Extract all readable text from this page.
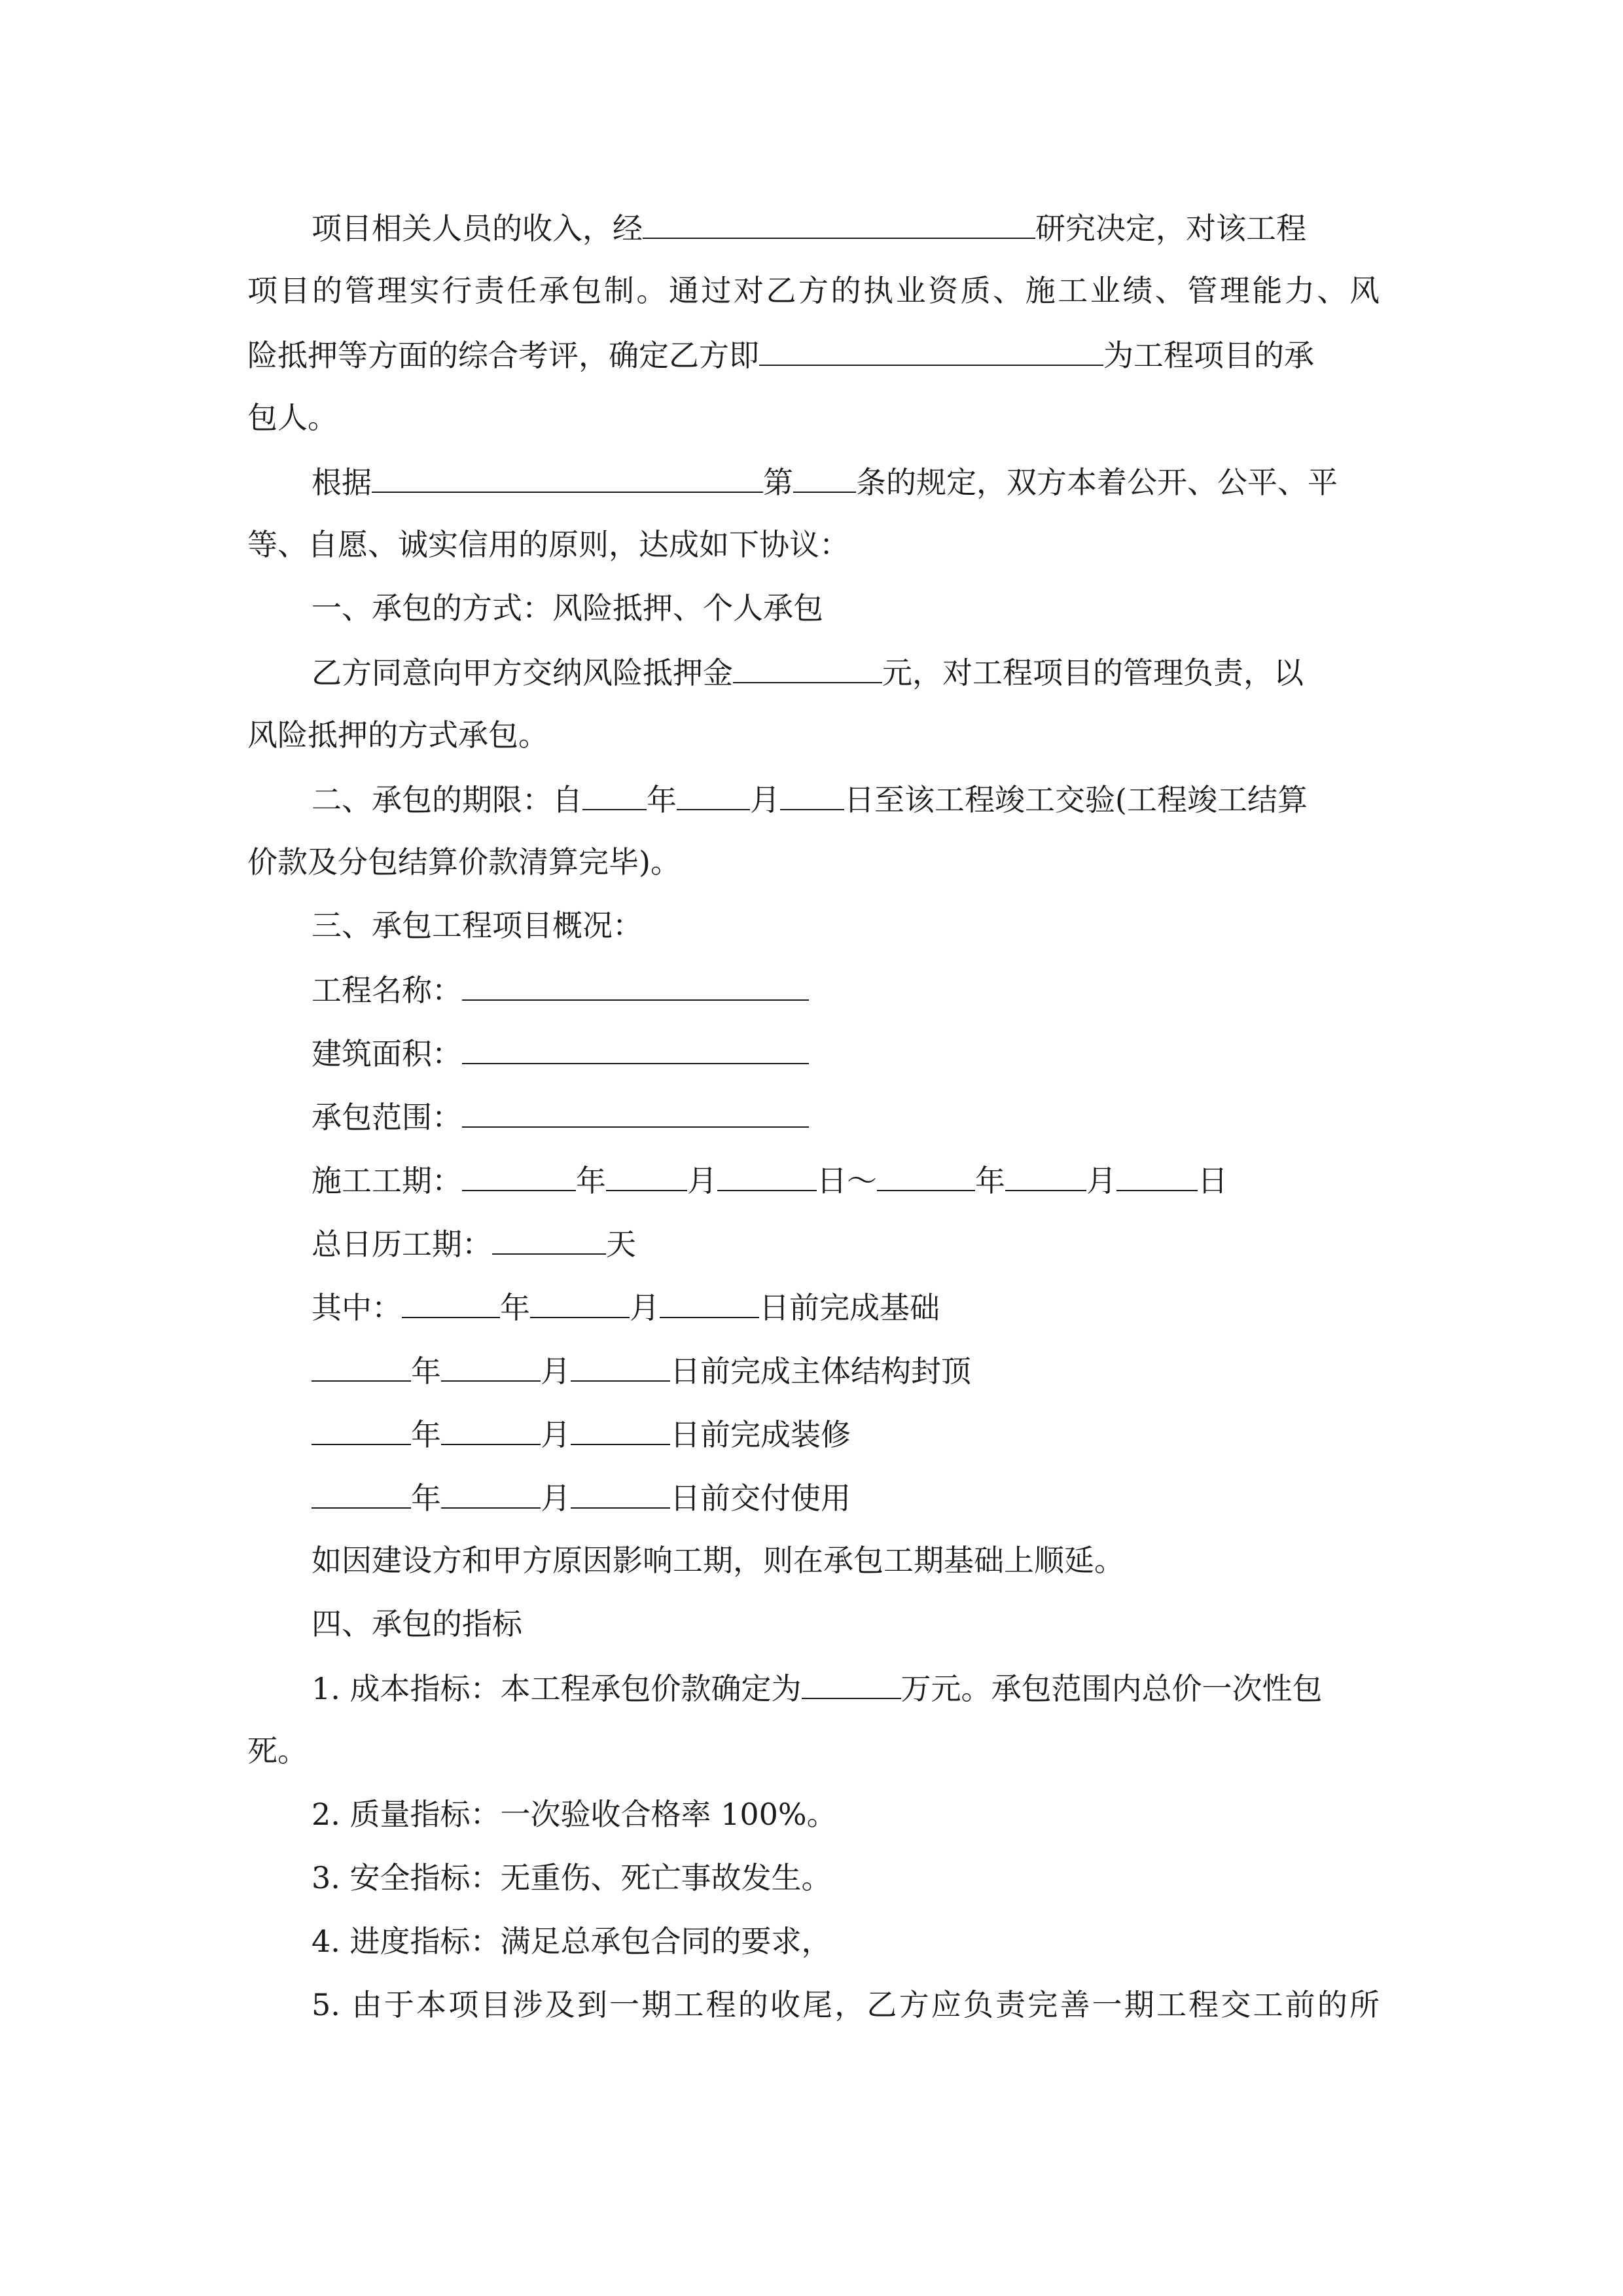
项目相关人员的收入，经	研究决定，对该工程
项目的管理实行责任承包制。通过对乙方的执业资质、施工业绩、管理能力、风
险抵押等方面的综合考评，确定乙方即	为工程项目的承
包人。
根据	第 条的规定，双方本着公开、公平、平
等、自愿、诚实信用的原则，达成如下协议：
一、承包的方式：风险抵押、个人承包
乙方同意向甲方交纳风险抵押金	元，对工程项目的管理负责，以
风险抵押的方式承包。
二、承包的期限：自 年 月 日至该工程竣工交验(工程竣工结算
价款及分包结算价款清算完毕)。
三、承包工程项目概况：
工程名称：
建筑面积：
承包范围：
施工工期：	年	月	日～	年	月	日
总日历工期：	天
其中：	年	月	日前完成基础
年	月	日前完成主体结构封顶
年	月	日前完成装修
年	月	日前交付使用
如因建设方和甲方原因影响工期，则在承包工期基础上顺延。
四、承包的指标
1. 成本指标：本工程承包价款确定为	万元。承包范围内总价一次性包
死。
2. 质量指标：一次验收合格率 100%。
3. 安全指标：无重伤、死亡事故发生。
4. 进度指标：满足总承包合同的要求，
5. 由于本项目涉及到一期工程的收尾，乙方应负责完善一期工程交工前的所
